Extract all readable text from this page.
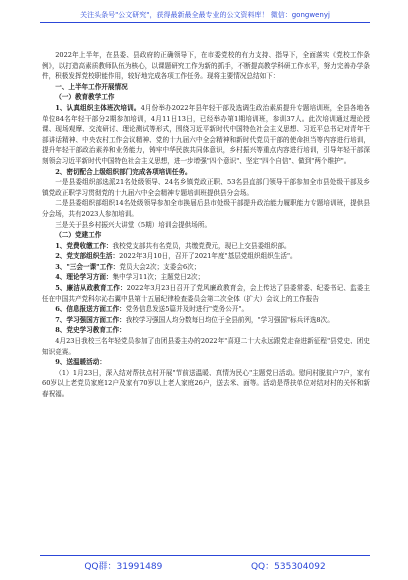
关注头条号"公文研究"，获得最新最全最专业的公文资料库！ 微信：gongwenyj

2022年上半年，在县委、县政府的正确领导下，在市委党校的有力支持、指导下，全面落实《党校工作条例》，以打造高素质教师队伍为核心，以课题研究工作为新的抓手，不断提高教学科研工作水平，努力完善办学条件，积极发挥党校职能作用，较好地完成各项工作任务。现将主要情况总结如下：

一、上半年工作开展情况

（一）教育教学工作

1、认真组织主体班次培训。4月份举办2022年县年轻干部及选调生政治素质提升专题培训班，全县各地各单位84名年轻干部分2期参加培训，4月11日13日，已经举办第1期培训班，参训37人。此次培训通过理论授课、现场观摩、交流研讨、理论测试等形式，围绕习近平新时代中国特色社会主义思想、习近平总书记对青年干部讲话精神、中央农村工作会议精神、党的十九届六中全会精神和新时代党员干部的使命担当等内容进行培训，提升年轻干部政治素养和业务能力，铸牢中华民族共同体意识，乡村振兴等重点内容进行培训，引导年轻干部深刻领会习近平新时代中国特色社会主义思想，进一步增强"四个意识"、坚定"四个自信"、做到"两个维护"。

2、密切配合上级组织部门完成各项培训任务。

一是县委组织部选派21名处级领导、24名乡镇党政正职、53名县直部门领导干部参加全市县处级干部及乡镇党政正职学习贯彻党的十九届六中全会精神专题培训班提供县分会场。

二是县委组织部组织14名处级领导参加全市换届后县市处级干部提升政治能力履职能力专题培训班，提供县分会场，共有2023人参加培训。

三是关于县乡村振兴大讲堂（5期）培训会提供场所。

（二）党建工作

1、党费收缴工作：我校党支部共有名党员，共缴党费元，现已上交县委组织部。

2、党支部组织生活：2022年3月10日，召开了2021年度"基层党组织组织生活"。

3、"三会一课"工作：党员大会2次；支委会6次；

4、理论学习方面：集中学习11次；主题党日2次；

5、廉洁从政教育工作：2022年3月23日召开了党风廉政教育会，会上传达了县委常委、纪委书记、监委主任在中国共产党科尔沁右翼中县第十五届纪律检查委员会第二次全体（扩大）会议上的工作报告

6、信息报送方面工作：党务信息发送5篇并及时进行"党务公开"。

7、学习强国方面工作：我校学习强国人均分数每日均位于全县前列，"学习强国"标兵评选8次。

8、党史学习教育工作：

4月23日我校三名年轻党员参加了由团县委主办的2022年"喜迎二十大永远跟党走奋进新征程"县党史、团史知识竞赛。

9、送温暖活动：

（1）1月23日，深入结对帮扶点村开展"节前送温暖、真情为民心"主题党日活动。慰问村脱贫户7户，家有60岁以上老党员家庭12户及家有70岁以上老人家庭26户，送去米、面等。活动是帮扶单位对结对村的关怀和新春祝福。

QQ群：31991489	QQ：535304092
